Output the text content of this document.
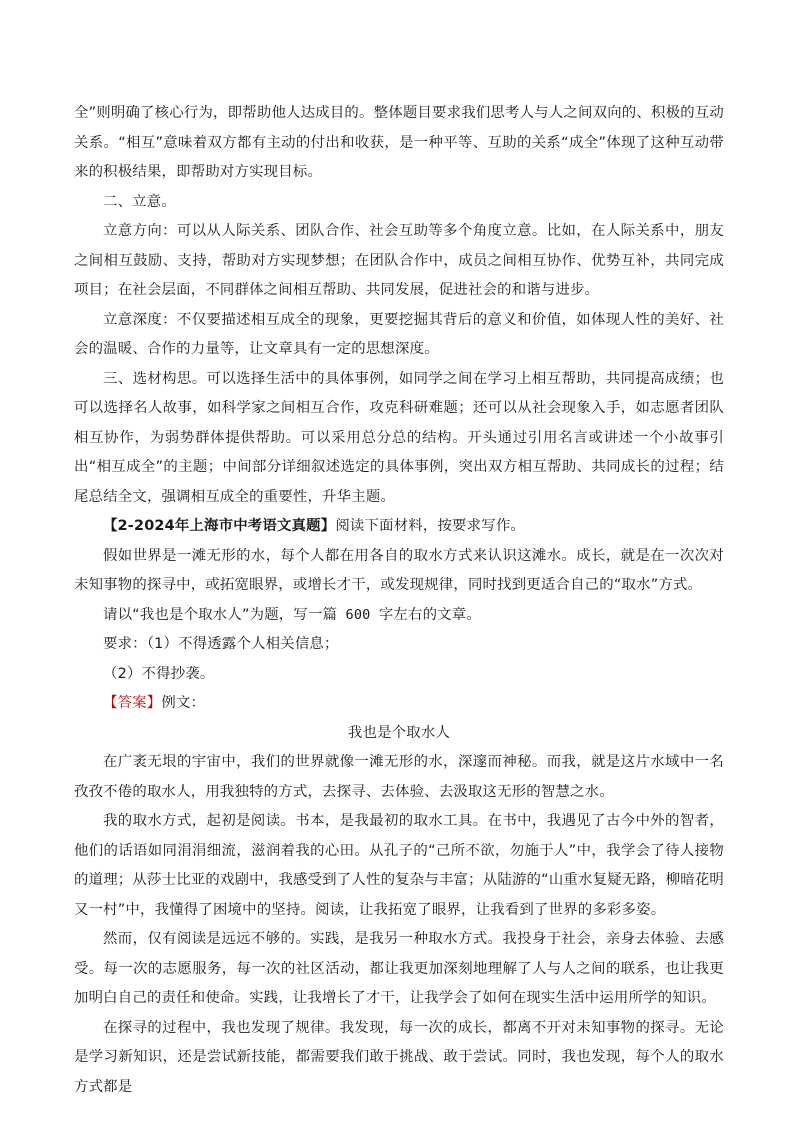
全”则明确了核心行为，即帮助他人达成目的。整体题目要求我们思考人与人之间双向的、积极的互动关系。“相互”意味着双方都有主动的付出和收获，是一种平等、互助的关系“成全”体现了这种互动带来的积极结果，即帮助对方实现目标。

二、立意。

立意方向：可以从人际关系、团队合作、社会互助等多个角度立意。比如，在人际关系中，朋友之间相互鼓励、支持，帮助对方实现梦想；在团队合作中，成员之间相互协作、优势互补，共同完成项目；在社会层面，不同群体之间相互帮助、共同发展，促进社会的和谐与进步。

立意深度：不仅要描述相互成全的现象，更要挖掘其背后的意义和价值，如体现人性的美好、社会的温暖、合作的力量等，让文章具有一定的思想深度。

三、选材构思。可以选择生活中的具体事例，如同学之间在学习上相互帮助，共同提高成绩；也可以选择名人故事，如科学家之间相互合作，攻克科研难题；还可以从社会现象入手，如志愿者团队相互协作，为弱势群体提供帮助。可以采用总分总的结构。开头通过引用名言或讲述一个小故事引出“相互成全”的主题；中间部分详细叙述选定的具体事例，突出双方相互帮助、共同成长的过程；结尾总结全文，强调相互成全的重要性，升华主题。

【2-2024年上海市中考语文真题】阅读下面材料，按要求写作。

假如世界是一滩无形的水，每个人都在用各自的取水方式来认识这滩水。成长，就是在一次次对未知事物的探寻中，或拓宽眼界，或增长才干，或发现规律，同时找到更适合自己的“取水”方式。

请以“我也是个取水人”为题，写一篇 600 字左右的文章。

要求：（1）不得透露个人相关信息；

（2）不得抄袭。

【答案】例文：

我也是个取水人

在广袤无垠的宇宙中，我们的世界就像一滩无形的水，深邃而神秘。而我，就是这片水域中一名孜孜不倦的取水人，用我独特的方式，去探寻、去体验、去汲取这无形的智慧之水。

我的取水方式，起初是阅读。书本，是我最初的取水工具。在书中，我遇见了古今中外的智者，他们的话语如同涓涓细流，滋润着我的心田。从孔子的“己所不欲，勿施于人”中，我学会了待人接物的道理；从莎士比亚的戏剧中，我感受到了人性的复杂与丰富；从陆游的“山重水复疑无路，柳暗花明又一村”中，我懂得了困境中的坚持。阅读，让我拓宽了眼界，让我看到了世界的多彩多姿。

然而，仅有阅读是远远不够的。实践，是我另一种取水方式。我投身于社会，亲身去体验、去感受。每一次的志愿服务，每一次的社区活动，都让我更加深刻地理解了人与人之间的联系，也让我更加明白自己的责任和使命。实践，让我增长了才干，让我学会了如何在现实生活中运用所学的知识。

在探寻的过程中，我也发现了规律。我发现，每一次的成长，都离不开对未知事物的探寻。无论是学习新知识，还是尝试新技能，都需要我们敢于挑战、敢于尝试。同时，我也发现，每个人的取水方式都是
